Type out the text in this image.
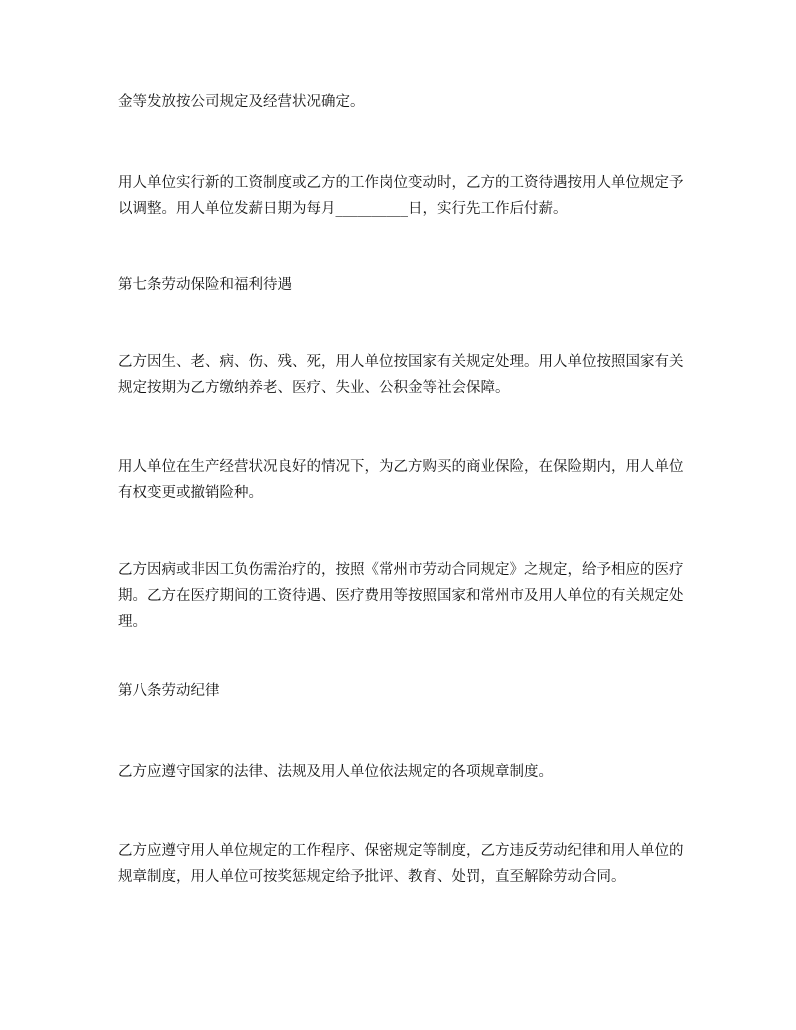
金等发放按公司规定及经营状况确定。

用人单位实行新的工资制度或乙方的工作岗位变动时，乙方的工资待遇按用人单位规定予以调整。用人单位发薪日期为每月__________日，实行先工作后付薪。

第七条劳动保险和福利待遇

乙方因生、老、病、伤、残、死，用人单位按国家有关规定处理。用人单位按照国家有关规定按期为乙方缴纳养老、医疗、失业、公积金等社会保障。

用人单位在生产经营状况良好的情况下，为乙方购买的商业保险，在保险期内，用人单位有权变更或撤销险种。

乙方因病或非因工负伤需治疗的，按照《常州市劳动合同规定》之规定，给予相应的医疗期。乙方在医疗期间的工资待遇、医疗费用等按照国家和常州市及用人单位的有关规定处理。

第八条劳动纪律

乙方应遵守国家的法律、法规及用人单位依法规定的各项规章制度。

乙方应遵守用人单位规定的工作程序、保密规定等制度，乙方违反劳动纪律和用人单位的规章制度，用人单位可按奖惩规定给予批评、教育、处罚，直至解除劳动合同。
